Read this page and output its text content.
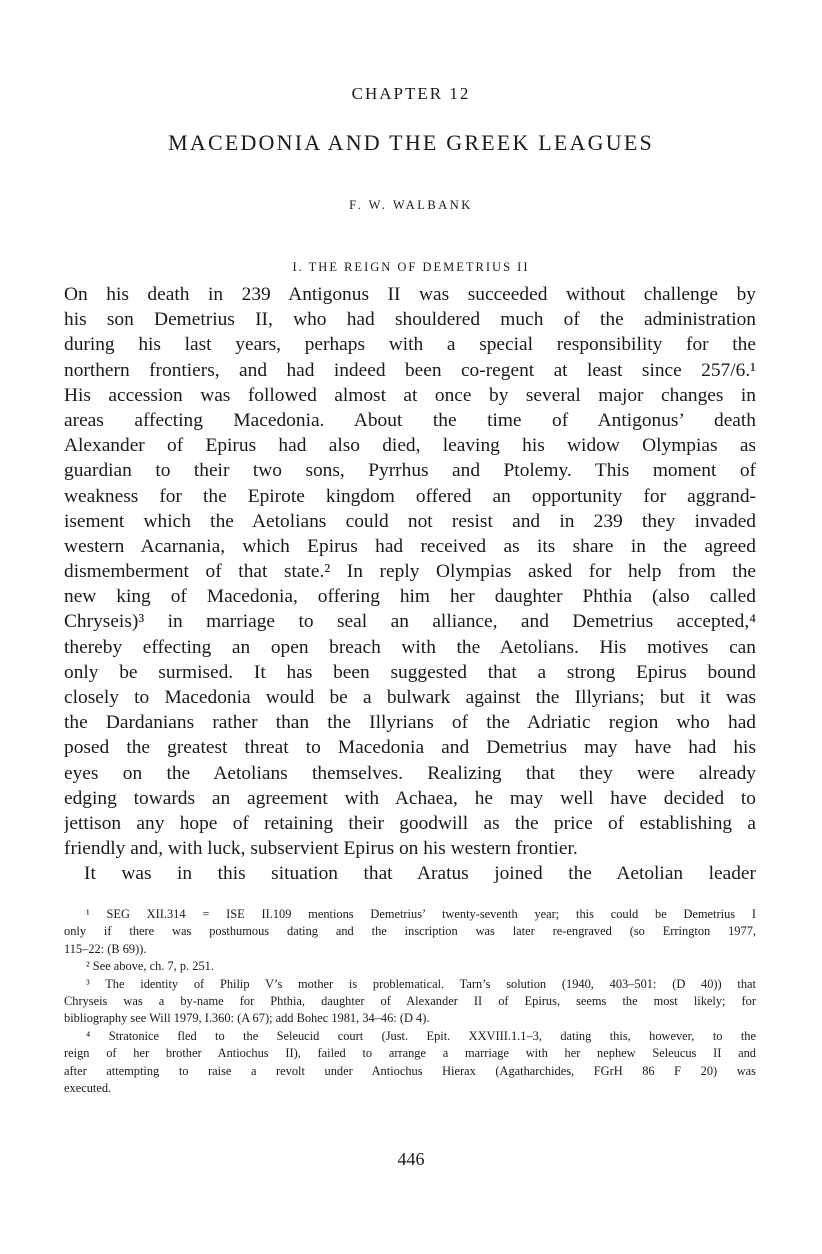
CHAPTER 12
MACEDONIA AND THE GREEK LEAGUES
F. W. WALBANK
I. THE REIGN OF DEMETRIUS II
On his death in 239 Antigonus II was succeeded without challenge by
his son Demetrius II, who had shouldered much of the administration
during his last years, perhaps with a special responsibility for the
northern frontiers, and had indeed been co-regent at least since 257/6.¹
His accession was followed almost at once by several major changes in
areas affecting Macedonia. About the time of Antigonus’ death
Alexander of Epirus had also died, leaving his widow Olympias as
guardian to their two sons, Pyrrhus and Ptolemy. This moment of
weakness for the Epirote kingdom offered an opportunity for aggrand-
isement which the Aetolians could not resist and in 239 they invaded
western Acarnania, which Epirus had received as its share in the agreed
dismemberment of that state.² In reply Olympias asked for help from the
new king of Macedonia, offering him her daughter Phthia (also called
Chryseis)³ in marriage to seal an alliance, and Demetrius accepted,⁴
thereby effecting an open breach with the Aetolians. His motives can
only be surmised. It has been suggested that a strong Epirus bound
closely to Macedonia would be a bulwark against the Illyrians; but it was
the Dardanians rather than the Illyrians of the Adriatic region who had
posed the greatest threat to Macedonia and Demetrius may have had his
eyes on the Aetolians themselves. Realizing that they were already
edging towards an agreement with Achaea, he may well have decided to
jettison any hope of retaining their goodwill as the price of establishing a
friendly and, with luck, subservient Epirus on his western frontier.
It was in this situation that Aratus joined the Aetolian leader
¹ SEG XII.314 = ISE II.109 mentions Demetrius’ twenty-seventh year; this could be Demetrius I
only if there was posthumous dating and the inscription was later re-engraved (so Errington 1977,
115–22: (B 69)).
² See above, ch. 7, p. 251.
³ The identity of Philip V’s mother is problematical. Tarn’s solution (1940, 403–501: (D 40)) that
Chryseis was a by-name for Phthia, daughter of Alexander II of Epirus, seems the most likely; for
bibliography see Will 1979, I.360: (A 67); add Bohec 1981, 34–46: (D 4).
⁴ Stratonice fled to the Seleucid court (Just. Epit. XXVIII.1.1–3, dating this, however, to the
reign of her brother Antiochus II), failed to arrange a marriage with her nephew Seleucus II and
after attempting to raise a revolt under Antiochus Hierax (Agatharchides, FGrH 86 F 20) was
executed.
446
